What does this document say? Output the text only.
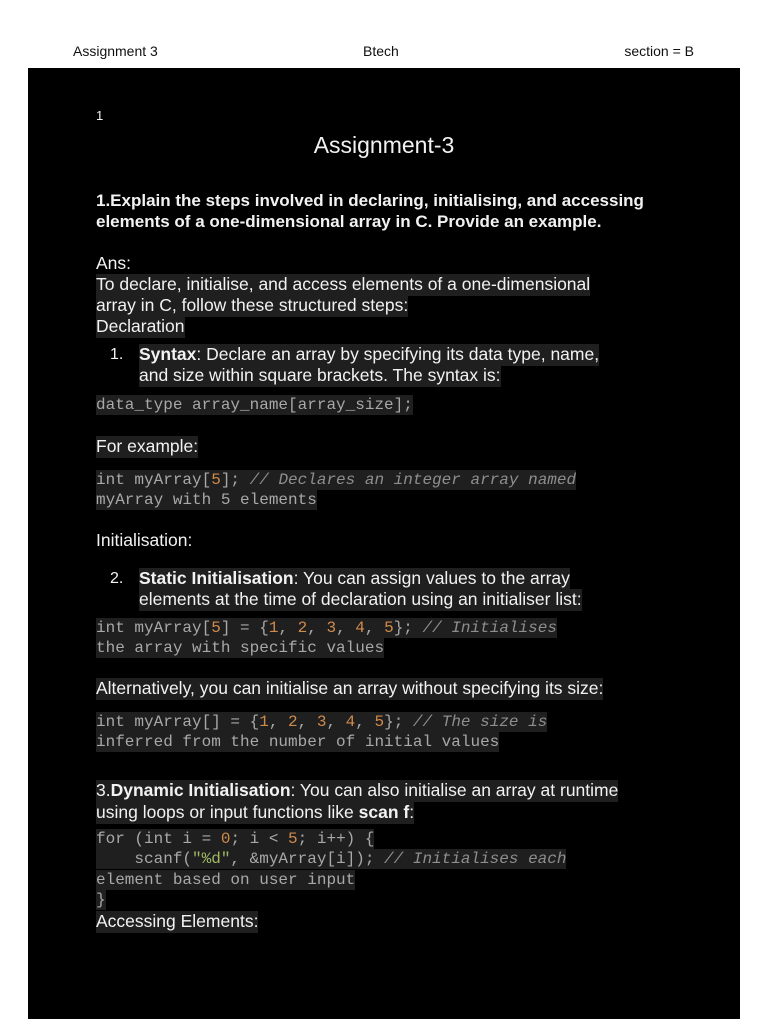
Assignment 3	Btech	section = B
1
Assignment-3
1.Explain the steps involved in declaring, initialising, and accessing elements of a one-dimensional array in C. Provide an example.
Ans:
To declare, initialise, and access elements of a one-dimensional
array in C, follow these structured steps:
Declaration
1. Syntax: Declare an array by specifying its data type, name,
and size within square brackets. The syntax is:
data_type array_name[array_size];
For example:
int myArray[5]; // Declares an integer array named
myArray with 5 elements
Initialisation:
2. Static Initialisation: You can assign values to the array
elements at the time of declaration using an initialiser list:
int myArray[5] = {1, 2, 3, 4, 5}; // Initialises
the array with specific values
Alternatively, you can initialise an array without specifying its size:
int myArray[] = {1, 2, 3, 4, 5}; // The size is
inferred from the number of initial values
3.Dynamic Initialisation: You can also initialise an array at runtime
using loops or input functions like scan f:
for (int i = 0; i < 5; i++) {
scanf("%d", &myArray[i]); // Initialises each
element based on user input
}
Accessing Elements:
